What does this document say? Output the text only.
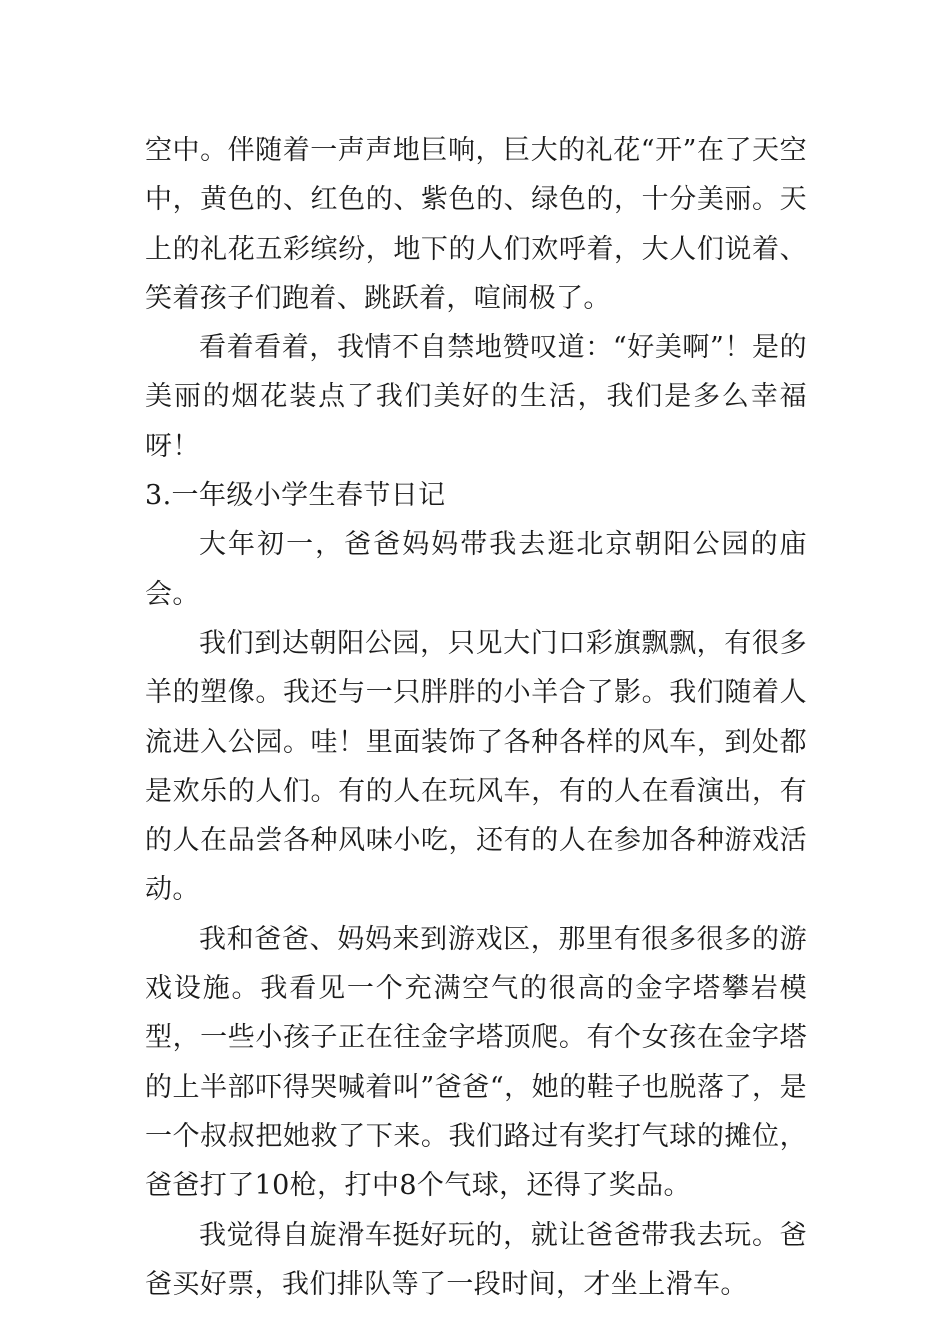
空中。伴随着一声声地巨响，巨大的礼花“开”在了天空中，黄色的、红色的、紫色的、绿色的，十分美丽。天上的礼花五彩缤纷，地下的人们欢呼着，大人们说着、笑着孩子们跑着、跳跃着，喧闹极了。

看着看着，我情不自禁地赞叹道：“好美啊”！是的美丽的烟花装点了我们美好的生活，我们是多么幸福呀！

3.一年级小学生春节日记

大年初一，爸爸妈妈带我去逛北京朝阳公园的庙会。

我们到达朝阳公园，只见大门口彩旗飘飘，有很多羊的塑像。我还与一只胖胖的小羊合了影。我们随着人流进入公园。哇！里面装饰了各种各样的风车，到处都是欢乐的人们。有的人在玩风车，有的人在看演出，有的人在品尝各种风味小吃，还有的人在参加各种游戏活动。

我和爸爸、妈妈来到游戏区，那里有很多很多的游戏设施。我看见一个充满空气的很高的金字塔攀岩模型，一些小孩子正在往金字塔顶爬。有个女孩在金字塔的上半部吓得哭喊着叫”爸爸“，她的鞋子也脱落了，是一个叔叔把她救了下来。我们路过有奖打气球的摊位，爸爸打了10枪，打中8个气球，还得了奖品。

我觉得自旋滑车挺好玩的，就让爸爸带我去玩。爸爸买好票，我们排队等了一段时间，才坐上滑车。
